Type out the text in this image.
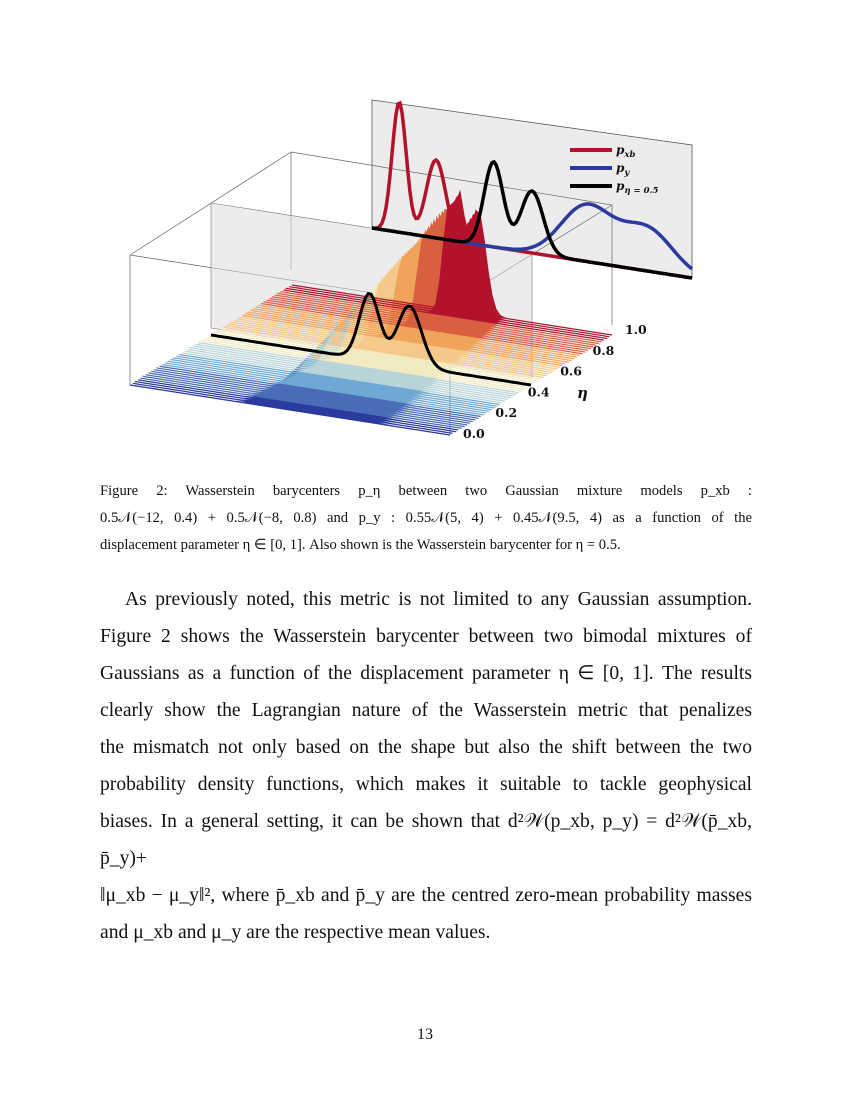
0.0
0.2
0.4
0.6
0.8
1.0
η
$p_{xb}$
$p_y$
$p_{\eta = 0.5}$
Figure 2: Wasserstein barycenters p_η between two Gaussian mixture models p_xb :
0.5𝒩(−12, 0.4) + 0.5𝒩(−8, 0.8) and p_y : 0.55𝒩(5, 4) + 0.45𝒩(9.5, 4) as a function of the
displacement parameter η ∈ [0, 1]. Also shown is the Wasserstein barycenter for η = 0.5.
As previously noted, this metric is not limited to any Gaussian assumption.
Figure 2 shows the Wasserstein barycenter between two bimodal mixtures of
Gaussians as a function of the displacement parameter η ∈ [0, 1]. The results
clearly show the Lagrangian nature of the Wasserstein metric that penalizes
the mismatch not only based on the shape but also the shift between the two
probability density functions, which makes it suitable to tackle geophysical
biases. In a general setting, it can be shown that d²𝒲(p_xb, p_y) = d²𝒲(p̄_xb, p̄_y)+
‖μ_xb − μ_y‖², where p̄_xb and p̄_y are the centred zero-mean probability masses
and μ_xb and μ_y are the respective mean values.
13
